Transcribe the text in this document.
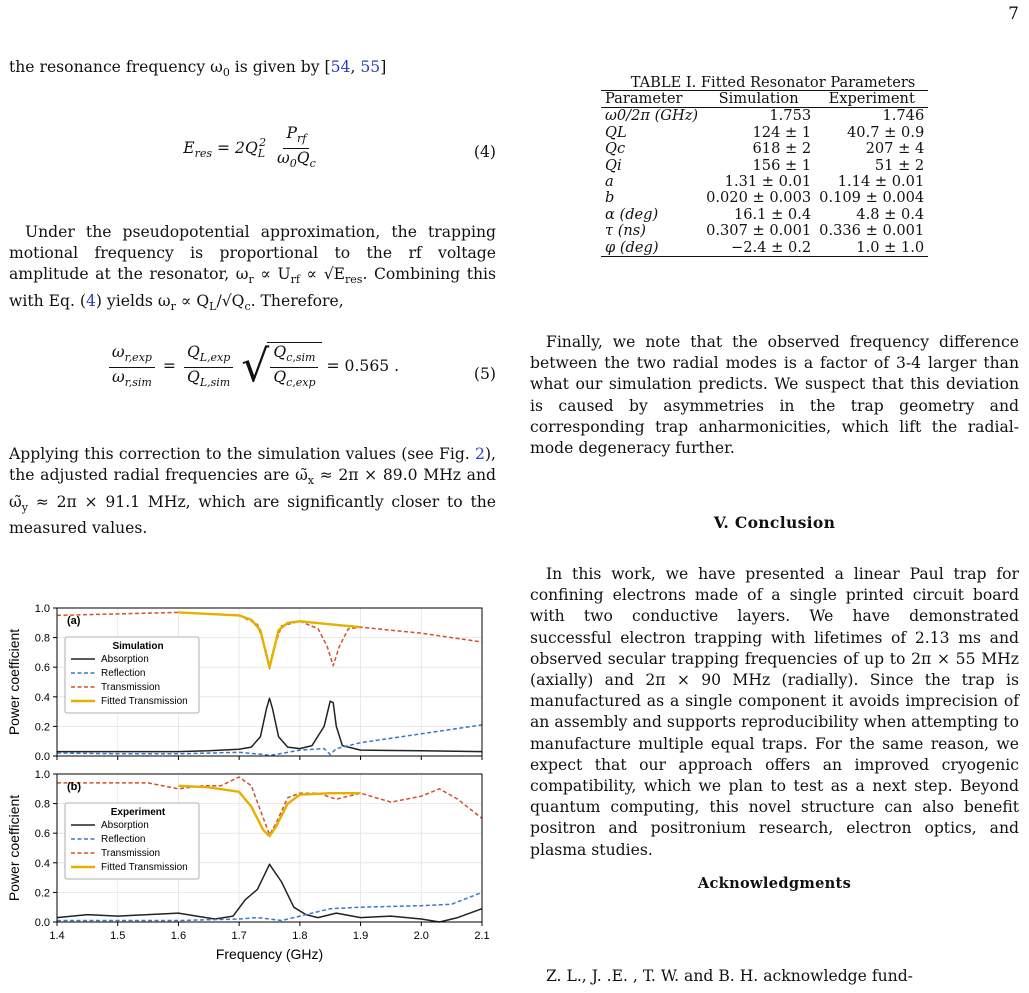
7

the resonance frequency $\omega_0$ is given by [54, 55]

$E_{res} = 2Q_L^2 \frac{P_{rf}}{\omega_0Q_c}$	(4)

Under the pseudopotential approximation, the trapping motional frequency is proportional to the rf voltage amplitude at the resonator, $\omega_r \propto U_{rf} \propto √E_{res}$. Combining this with Eq. (4) yields $\omega_r \propto Q_L/√Q_c$. Therefore,

$\frac{\omega_{r,exp}}{\omega_{r,sim}} = \frac{Q_{L,exp}}{Q_{L,sim}}$
√ $\frac{Q_{c,sim}}{Q_{c,exp}} = 0.565$ .	(5)

Applying this correction to the simulation values (see Fig. 2), the adjusted radial frequencies are $\omegã_x \approx 2\pi \times 89.0$ MHz and $\omegã_y \approx 2\pi \times 91.1$ MHz, which are significantly closer to the measured values.

0.0
0.2
0.4
0.6
0.8
1.0
Power coefficient	Simulation
Absorption
Reflection
Transmission
Fitted Transmission
(a)
0.0
0.2
0.4
0.6
0.8
1.0
1.4	1.5	1.6	1.7	1.8	1.9	2.0	2.1
Power coefficient
Frequency (GHz)
Experiment
Absorption
Reflection
Transmission
Fitted Transmission
(b)
TABLE I. Fitted Resonator Parameters
Parameter	Simulation	Experiment
ω0/2π (GHz)	1.753	1.746
QL	124 ± 1	40.7 ± 0.9
Qc	618 ± 2	207 ± 4
Qi	156 ± 1	51 ± 2
a	1.31 ± 0.01	1.14 ± 0.01
b	0.020 ± 0.003	0.109 ± 0.004
α (deg)	16.1 ± 0.4	4.8 ± 0.4
τ (ns)	0.307 ± 0.001	0.336 ± 0.001
φ (deg)	−2.4 ± 0.2	1.0 ± 1.0

Finally, we note that the observed frequency difference between the two radial modes is a factor of 3-4 larger than what our simulation predicts. We suspect that this deviation is caused by asymmetries in the trap geometry and corresponding trap anharmonicities, which lift the radial-mode degeneracy further.

V. Conclusion

In this work, we have presented a linear Paul trap for confining electrons made of a single printed circuit board with two conductive layers. We have demonstrated successful electron trapping with lifetimes of 2.13 ms and observed secular trapping frequencies of up to 2π × 55 MHz (axially) and 2π × 90 MHz (radially). Since the trap is manufactured as a single component it avoids imprecision of an assembly and supports reproducibility when attempting to manufacture multiple equal traps. For the same reason, we expect that our approach offers an improved cryogenic compatibility, which we plan to test as a next step. Beyond quantum computing, this novel structure can also benefit positron and positronium research, electron optics, and plasma studies.

Acknowledgments

Z. L., J. .E. , T. W. and B. H. acknowledge fund-
